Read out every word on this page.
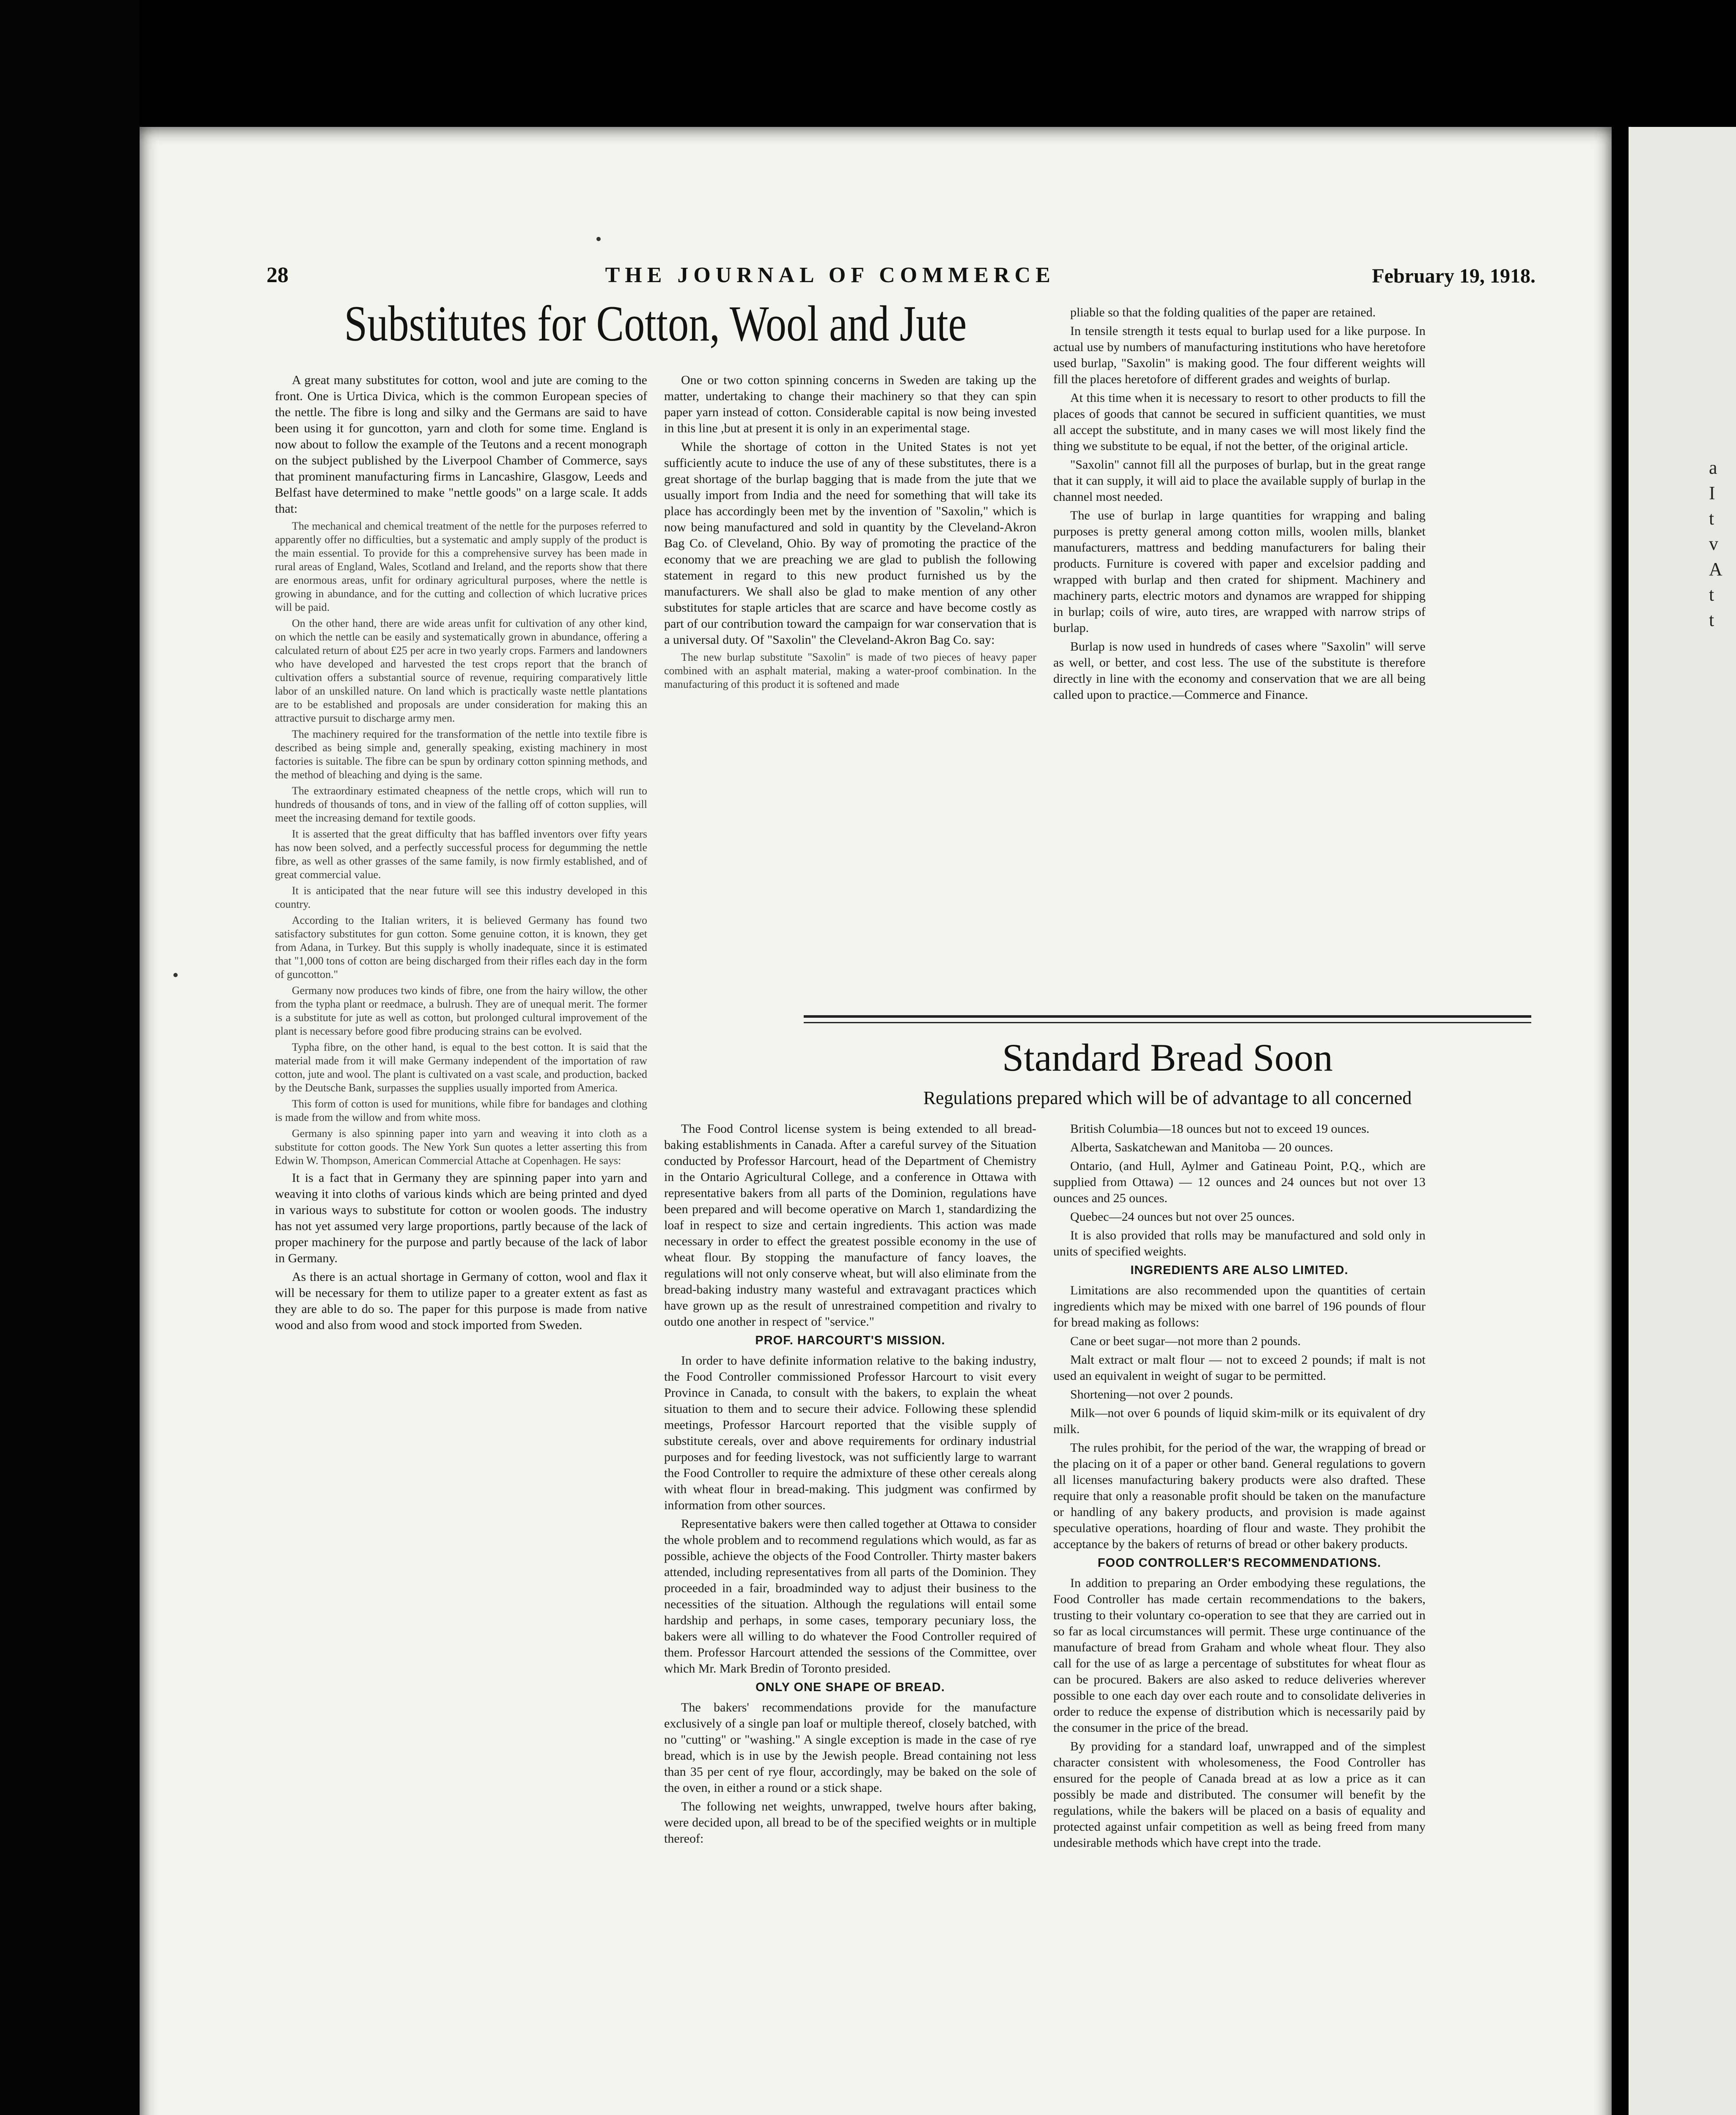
28	THE JOURNAL OF COMMERCE	February 19, 1918.
Substitutes for Cotton, Wool and Jute

A great many substitutes for cotton, wool and jute are coming to the front. One is Urtica Divica, which is the common European species of the nettle. The fibre is long and silky and the Germans are said to have been using it for guncotton, yarn and cloth for some time. England is now about to follow the example of the Teutons and a recent monograph on the subject published by the Liverpool Chamber of Commerce, says that prominent manufacturing firms in Lancashire, Glasgow, Leeds and Belfast have determined to make "nettle goods" on a large scale. It adds that:

The mechanical and chemical treatment of the nettle for the purposes referred to apparently offer no difficulties, but a systematic and amply supply of the product is the main essential. To provide for this a comprehensive survey has been made in rural areas of England, Wales, Scotland and Ireland, and the reports show that there are enormous areas, unfit for ordinary agricultural purposes, where the nettle is growing in abundance, and for the cutting and collection of which lucrative prices will be paid.

On the other hand, there are wide areas unfit for cultivation of any other kind, on which the nettle can be easily and systematically grown in abundance, offering a calculated return of about £25 per acre in two yearly crops. Farmers and landowners who have developed and harvested the test crops report that the branch of cultivation offers a substantial source of revenue, requiring comparatively little labor of an unskilled nature. On land which is practically waste nettle plantations are to be established and proposals are under consideration for making this an attractive pursuit to discharge army men.

The machinery required for the transformation of the nettle into textile fibre is described as being simple and, generally speaking, existing machinery in most factories is suitable. The fibre can be spun by ordinary cotton spinning methods, and the method of bleaching and dying is the same.

The extraordinary estimated cheapness of the nettle crops, which will run to hundreds of thousands of tons, and in view of the falling off of cotton supplies, will meet the increasing demand for textile goods.

It is asserted that the great difficulty that has baffled inventors over fifty years has now been solved, and a perfectly successful process for degumming the nettle fibre, as well as other grasses of the same family, is now firmly established, and of great commercial value.

It is anticipated that the near future will see this industry developed in this country.

According to the Italian writers, it is believed Germany has found two satisfactory substitutes for gun cotton. Some genuine cotton, it is known, they get from Adana, in Turkey. But this supply is wholly inadequate, since it is estimated that "1,000 tons of cotton are being discharged from their rifles each day in the form of guncotton."

Germany now produces two kinds of fibre, one from the hairy willow, the other from the typha plant or reedmace, a bulrush. They are of unequal merit. The former is a substitute for jute as well as cotton, but prolonged cultural improvement of the plant is necessary before good fibre producing strains can be evolved.

Typha fibre, on the other hand, is equal to the best cotton. It is said that the material made from it will make Germany independent of the importation of raw cotton, jute and wool. The plant is cultivated on a vast scale, and production, backed by the Deutsche Bank, surpasses the supplies usually imported from America.

This form of cotton is used for munitions, while fibre for bandages and clothing is made from the willow and from white moss.

Germany is also spinning paper into yarn and weaving it into cloth as a substitute for cotton goods. The New York Sun quotes a letter asserting this from Edwin W. Thompson, American Commercial Attache at Copenhagen. He says:

It is a fact that in Germany they are spinning paper into yarn and weaving it into cloths of various kinds which are being printed and dyed in various ways to substitute for cotton or woolen goods. The industry has not yet assumed very large proportions, partly because of the lack of proper machinery for the purpose and partly because of the lack of labor in Germany.

As there is an actual shortage in Germany of cotton, wool and flax it will be necessary for them to utilize paper to a greater extent as fast as they are able to do so. The paper for this purpose is made from native wood and also from wood and stock imported from Sweden.

One or two cotton spinning concerns in Sweden are taking up the matter, undertaking to change their machinery so that they can spin paper yarn instead of cotton. Considerable capital is now being invested in this line ,but at present it is only in an experimental stage.

While the shortage of cotton in the United States is not yet sufficiently acute to induce the use of any of these substitutes, there is a great shortage of the burlap bagging that is made from the jute that we usually import from India and the need for something that will take its place has accordingly been met by the invention of "Saxolin," which is now being manufactured and sold in quantity by the Cleveland-Akron Bag Co. of Cleveland, Ohio. By way of promoting the practice of the economy that we are preaching we are glad to publish the following statement in regard to this new product furnished us by the manufacturers. We shall also be glad to make mention of any other substitutes for staple articles that are scarce and have become costly as part of our contribution toward the campaign for war conservation that is a universal duty. Of "Saxolin" the Cleveland-Akron Bag Co. say:

The new burlap substitute "Saxolin" is made of two pieces of heavy paper combined with an asphalt material, making a water-proof combination. In the manufacturing of this product it is softened and made

pliable so that the folding qualities of the paper are retained.

In tensile strength it tests equal to burlap used for a like purpose. In actual use by numbers of manufacturing institutions who have heretofore used burlap, "Saxolin" is making good. The four different weights will fill the places heretofore of different grades and weights of burlap.

At this time when it is necessary to resort to other products to fill the places of goods that cannot be secured in sufficient quantities, we must all accept the substitute, and in many cases we will most likely find the thing we substitute to be equal, if not the better, of the original article.

"Saxolin" cannot fill all the purposes of burlap, but in the great range that it can supply, it will aid to place the available supply of burlap in the channel most needed.

The use of burlap in large quantities for wrapping and baling purposes is pretty general among cotton mills, woolen mills, blanket manufacturers, mattress and bedding manufacturers for baling their products. Furniture is covered with paper and excelsior padding and wrapped with burlap and then crated for shipment. Machinery and machinery parts, electric motors and dynamos are wrapped for shipping in burlap; coils of wire, auto tires, are wrapped with narrow strips of burlap.

Burlap is now used in hundreds of cases where "Saxolin" will serve as well, or better, and cost less. The use of the substitute is therefore directly in line with the economy and conservation that we are all being called upon to practice.—Commerce and Finance.

Standard Bread Soon
Regulations prepared which will be of advantage to all concerned

The Food Control license system is being extended to all bread-baking establishments in Canada. After a careful survey of the Situation conducted by Professor Harcourt, head of the Department of Chemistry in the Ontario Agricultural College, and a conference in Ottawa with representative bakers from all parts of the Dominion, regulations have been prepared and will become operative on March 1, standardizing the loaf in respect to size and certain ingredients. This action was made necessary in order to effect the greatest possible economy in the use of wheat flour. By stopping the manufacture of fancy loaves, the regulations will not only conserve wheat, but will also eliminate from the bread-baking industry many wasteful and extravagant practices which have grown up as the result of unrestrained competition and rivalry to outdo one another in respect of "service."

PROF. HARCOURT'S MISSION.

In order to have definite information relative to the baking industry, the Food Controller commissioned Professor Harcourt to visit every Province in Canada, to consult with the bakers, to explain the wheat situation to them and to secure their advice. Following these splendid meetings, Professor Harcourt reported that the visible supply of substitute cereals, over and above requirements for ordinary industrial purposes and for feeding livestock, was not sufficiently large to warrant the Food Controller to require the admixture of these other cereals along with wheat flour in bread-making. This judgment was confirmed by information from other sources.

Representative bakers were then called together at Ottawa to consider the whole problem and to recommend regulations which would, as far as possible, achieve the objects of the Food Controller. Thirty master bakers attended, including representatives from all parts of the Dominion. They proceeded in a fair, broadminded way to adjust their business to the necessities of the situation. Although the regulations will entail some hardship and perhaps, in some cases, temporary pecuniary loss, the bakers were all willing to do whatever the Food Controller required of them. Professor Harcourt attended the sessions of the Committee, over which Mr. Mark Bredin of Toronto presided.

ONLY ONE SHAPE OF BREAD.

The bakers' recommendations provide for the manufacture exclusively of a single pan loaf or multiple thereof, closely batched, with no "cutting" or "washing." A single exception is made in the case of rye bread, which is in use by the Jewish people. Bread containing not less than 35 per cent of rye flour, accordingly, may be baked on the sole of the oven, in either a round or a stick shape.

The following net weights, unwrapped, twelve hours after baking, were decided upon, all bread to be of the specified weights or in multiple thereof:

British Columbia—18 ounces but not to exceed 19 ounces.

Alberta, Saskatchewan and Manitoba — 20 ounces.

Ontario, (and Hull, Aylmer and Gatineau Point, P.Q., which are supplied from Ottawa) — 12 ounces and 24 ounces but not over 13 ounces and 25 ounces.

Quebec—24 ounces but not over 25 ounces.

It is also provided that rolls may be manufactured and sold only in units of specified weights.

INGREDIENTS ARE ALSO LIMITED.

Limitations are also recommended upon the quantities of certain ingredients which may be mixed with one barrel of 196 pounds of flour for bread making as follows:

Cane or beet sugar—not more than 2 pounds.

Malt extract or malt flour — not to exceed 2 pounds; if malt is not used an equivalent in weight of sugar to be permitted.

Shortening—not over 2 pounds.

Milk—not over 6 pounds of liquid skim-milk or its equivalent of dry milk.

The rules prohibit, for the period of the war, the wrapping of bread or the placing on it of a paper or other band. General regulations to govern all licenses manufacturing bakery products were also drafted. These require that only a reasonable profit should be taken on the manufacture or handling of any bakery products, and provision is made against speculative operations, hoarding of flour and waste. They prohibit the acceptance by the bakers of returns of bread or other bakery products.

FOOD CONTROLLER'S RECOMMENDATIONS.

In addition to preparing an Order embodying these regulations, the Food Controller has made certain recommendations to the bakers, trusting to their voluntary co-operation to see that they are carried out in so far as local circumstances will permit. These urge continuance of the manufacture of bread from Graham and whole wheat flour. They also call for the use of as large a percentage of substitutes for wheat flour as can be procured. Bakers are also asked to reduce deliveries wherever possible to one each day over each route and to consolidate deliveries in order to reduce the expense of distribution which is necessarily paid by the consumer in the price of the bread.

By providing for a standard loaf, unwrapped and of the simplest character consistent with wholesomeness, the Food Controller has ensured for the people of Canada bread at as low a price as it can possibly be made and distributed. The consumer will benefit by the regulations, while the bakers will be placed on a basis of equality and protected against unfair competition as well as being freed from many undesirable methods which have crept into the trade.

a
I
t
v
A
t
t
